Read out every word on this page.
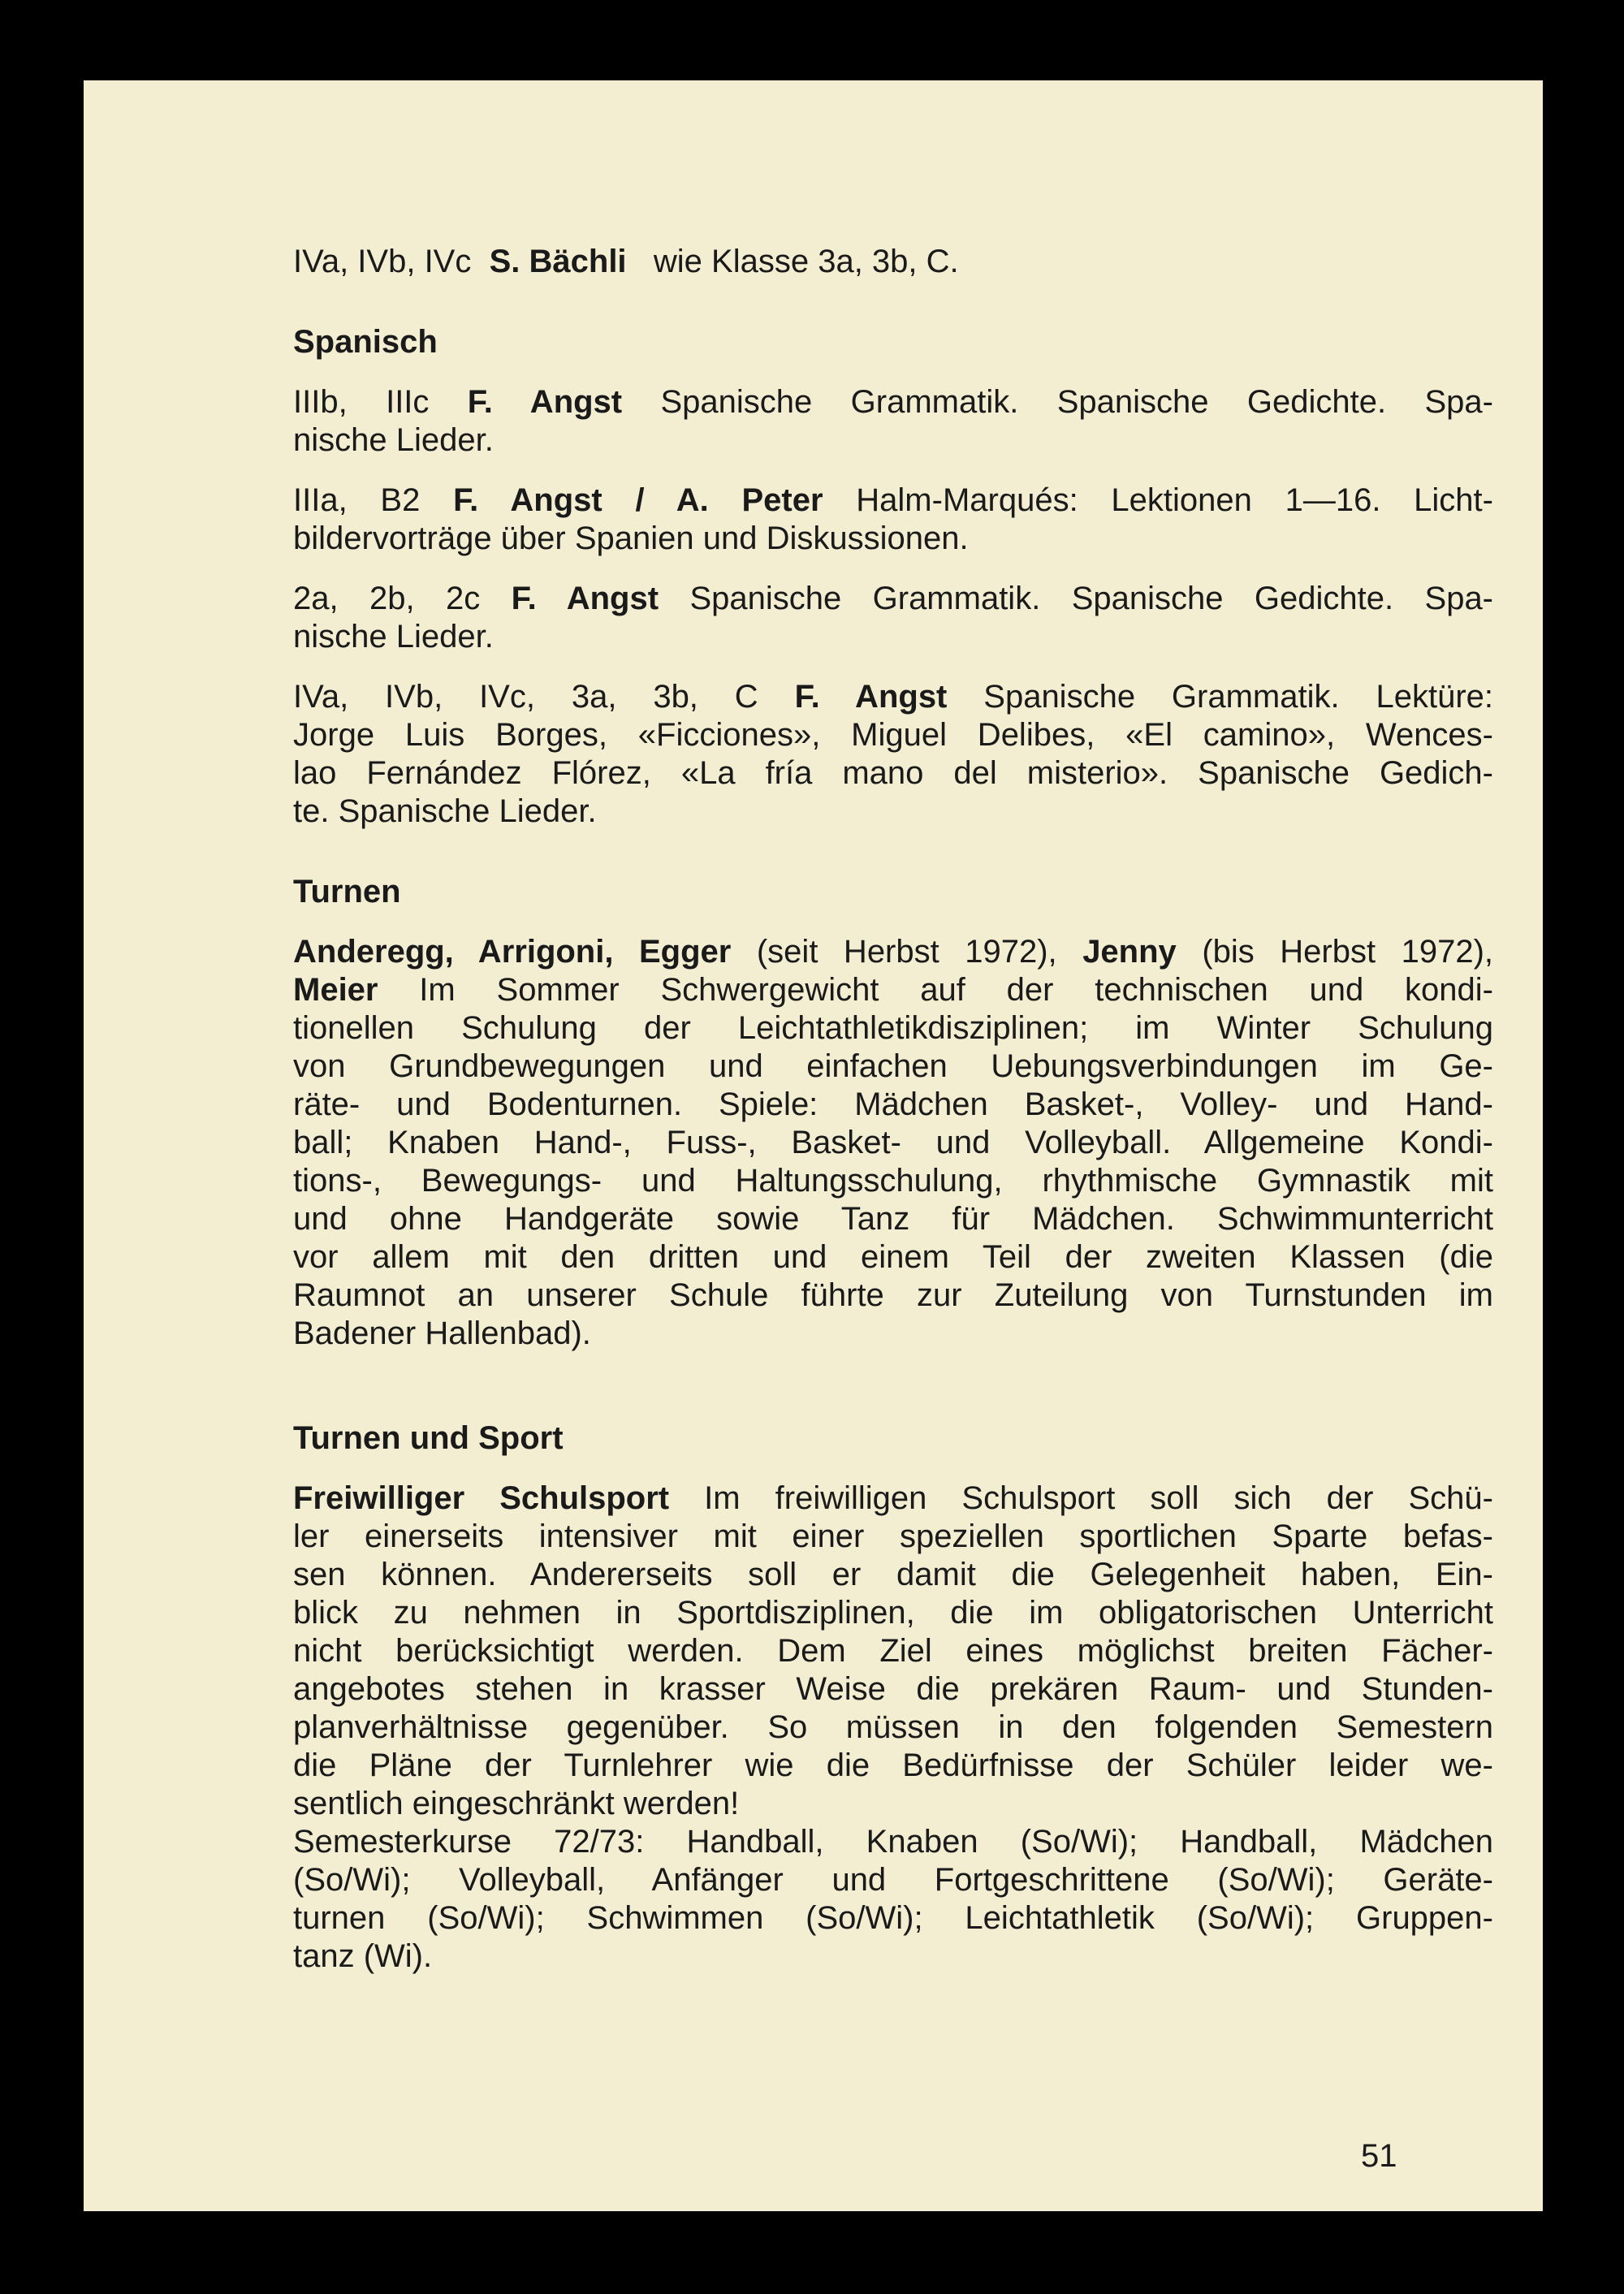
IVa, IVb, IVc S. Bächli wie Klasse 3a, 3b, C.
Spanisch
IIIb, IIIc F. Angst Spanische Grammatik. Spanische Gedichte. Spa-
nische Lieder.
IIIa, B2 F. Angst / A. Peter Halm-Marqués: Lektionen 1—16. Licht-
bildervorträge über Spanien und Diskussionen.
2a, 2b, 2c F. Angst Spanische Grammatik. Spanische Gedichte. Spa-
nische Lieder.
IVa, IVb, IVc, 3a, 3b, C F. Angst Spanische Grammatik. Lektüre:
Jorge Luis Borges, «Ficciones», Miguel Delibes, «El camino», Wences-
lao Fernández Flórez, «La fría mano del misterio». Spanische Gedich-
te. Spanische Lieder.
Turnen
Anderegg, Arrigoni, Egger (seit Herbst 1972), Jenny (bis Herbst 1972),
Meier Im Sommer Schwergewicht auf der technischen und kondi-
tionellen Schulung der Leichtathletikdisziplinen; im Winter Schulung
von Grundbewegungen und einfachen Uebungsverbindungen im Ge-
räte- und Bodenturnen. Spiele: Mädchen Basket-, Volley- und Hand-
ball; Knaben Hand-, Fuss-, Basket- und Volleyball. Allgemeine Kondi-
tions-, Bewegungs- und Haltungsschulung, rhythmische Gymnastik mit
und ohne Handgeräte sowie Tanz für Mädchen. Schwimmunterricht
vor allem mit den dritten und einem Teil der zweiten Klassen (die
Raumnot an unserer Schule führte zur Zuteilung von Turnstunden im
Badener Hallenbad).
Turnen und Sport
Freiwilliger Schulsport Im freiwilligen Schulsport soll sich der Schü-
ler einerseits intensiver mit einer speziellen sportlichen Sparte befas-
sen können. Andererseits soll er damit die Gelegenheit haben, Ein-
blick zu nehmen in Sportdisziplinen, die im obligatorischen Unterricht
nicht berücksichtigt werden. Dem Ziel eines möglichst breiten Fächer-
angebotes stehen in krasser Weise die prekären Raum- und Stunden-
planverhältnisse gegenüber. So müssen in den folgenden Semestern
die Pläne der Turnlehrer wie die Bedürfnisse der Schüler leider we-
sentlich eingeschränkt werden!
Semesterkurse 72/73: Handball, Knaben (So/Wi); Handball, Mädchen
(So/Wi); Volleyball, Anfänger und Fortgeschrittene (So/Wi); Geräte-
turnen (So/Wi); Schwimmen (So/Wi); Leichtathletik (So/Wi); Gruppen-
tanz (Wi).
51
